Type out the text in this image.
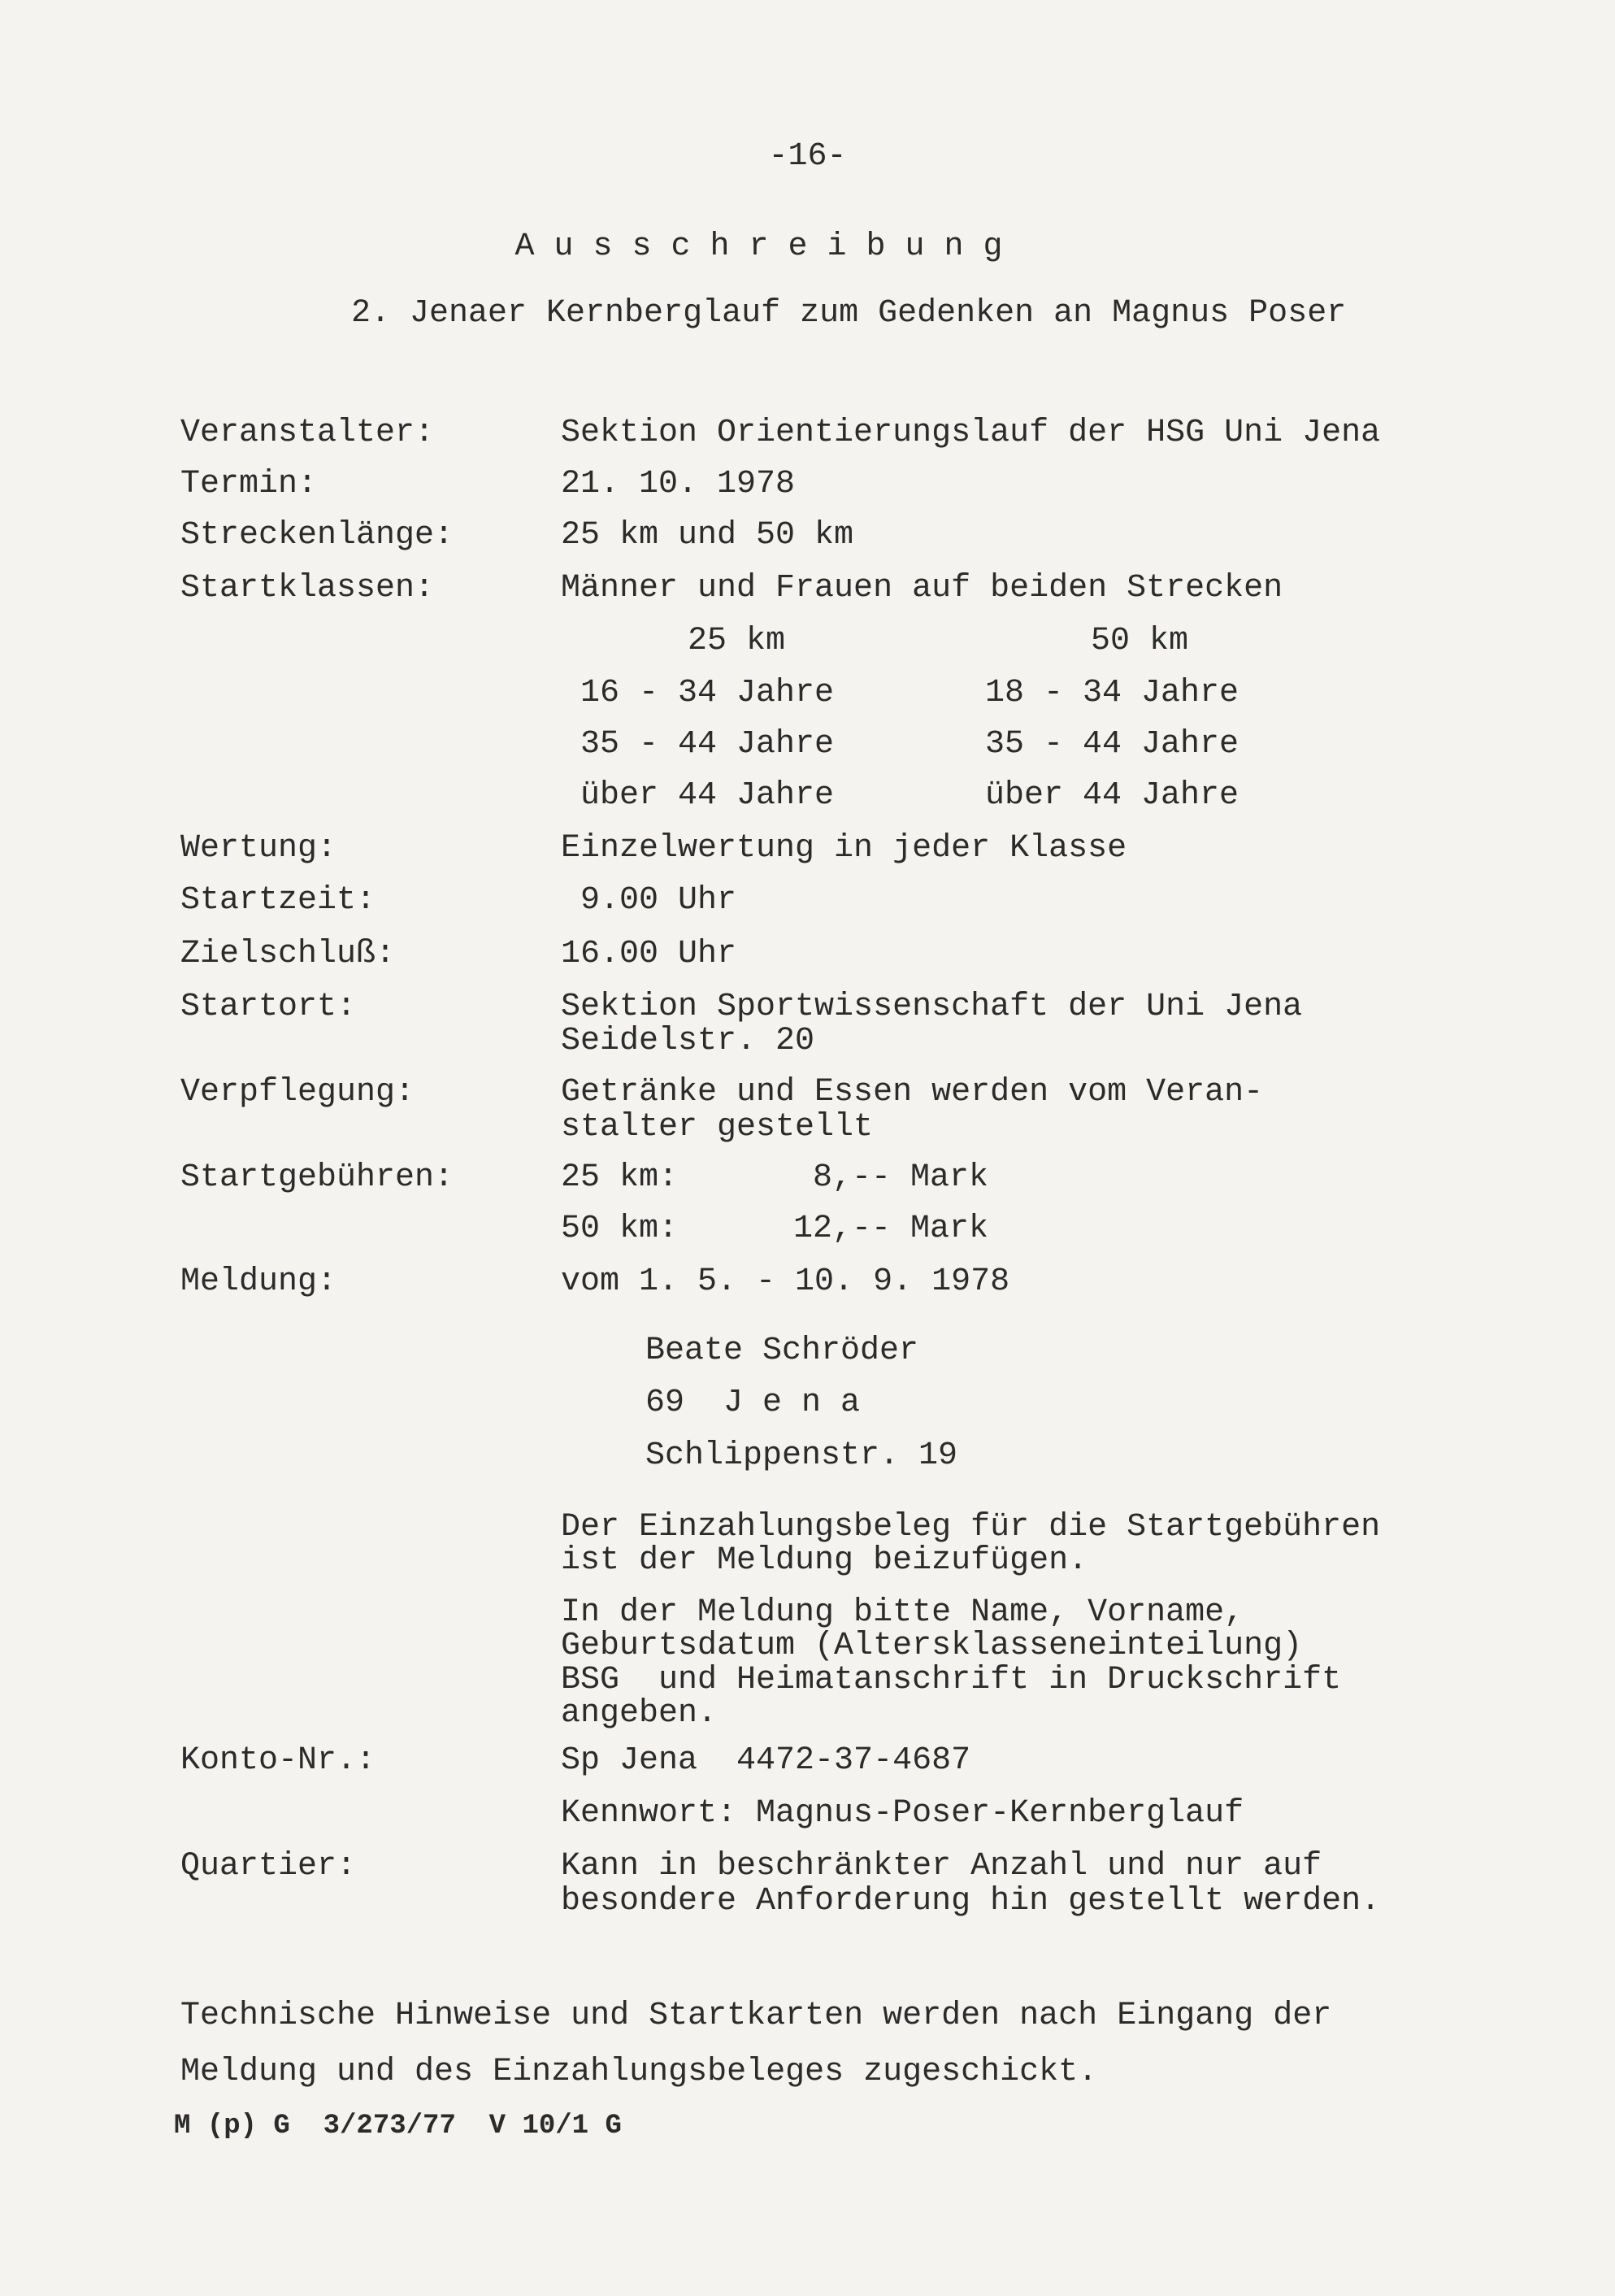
-16-
A u s s c h r e i b u n g
2. Jenaer Kernberglauf zum Gedenken an Magnus Poser
Veranstalter:	Sektion Orientierungslauf der HSG Uni Jena
Termin:	21. 10. 1978
Streckenlänge:	25 km und 50 km
Startklassen:	Männer und Frauen auf beiden Strecken
25 km	50 km
16 - 34 Jahre	18 - 34 Jahre
35 - 44 Jahre	35 - 44 Jahre
über 44 Jahre	über 44 Jahre
Wertung:	Einzelwertung in jeder Klasse
Startzeit:	9.00 Uhr
Zielschluß:	16.00 Uhr
Startort:	Sektion Sportwissenschaft der Uni Jena
Seidelstr. 20
Verpflegung:	Getränke und Essen werden vom Veran-
stalter gestellt
Startgebühren:	25 km:	8,-- Mark
50 km:	12,-- Mark
Meldung:	vom 1. 5. - 10. 9. 1978
Beate Schröder
69  J e n a
Schlippenstr. 19
Der Einzahlungsbeleg für die Startgebühren
ist der Meldung beizufügen.
In der Meldung bitte Name, Vorname,
Geburtsdatum (Altersklasseneinteilung)
BSG  und Heimatanschrift in Druckschrift
angeben.
Konto-Nr.:	Sp Jena  4472-37-4687
Kennwort: Magnus-Poser-Kernberglauf
Quartier:	Kann in beschränkter Anzahl und nur auf
besondere Anforderung hin gestellt werden.
Technische Hinweise und Startkarten werden nach Eingang der
Meldung und des Einzahlungsbeleges zugeschickt.
M (p) G  3/273/77  V 10/1 G
